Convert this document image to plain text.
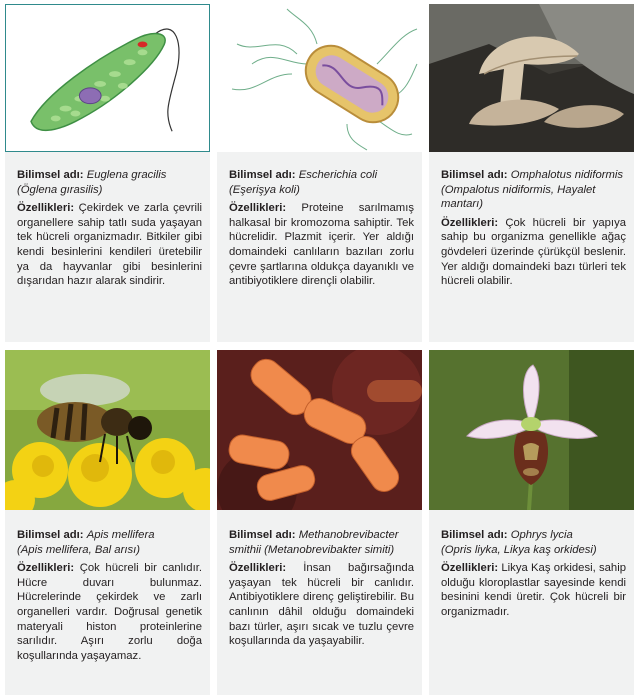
Bilimsel adı: Euglena gracilis
(Öglena gırasilis)

Özellikleri: Çekirdek ve zarla çevrili organellere sahip tatlı suda yaşayan tek hücreli organizmadır. Bitkiler gibi kendi besinlerini kendileri üretebilir ya da hayvanlar gibi besinlerini dışarıdan hazır alarak sindirir.

Bilimsel adı: Escherichia coli
(Eşerişya koli)

Özellikleri: Proteine sarılmamış halkasal bir kromozoma sahiptir. Tek hücrelidir. Plazmit içerir. Yer aldığı domaindeki canlıların bazıları zorlu çevre şartlarına oldukça dayanıklı ve antibiyotiklere dirençli olabilir.

Bilimsel adı: Omphalotus nidiformis (Ompalotus nidiformis, Hayalet mantarı)

Özellikleri: Çok hücreli bir yapıya sahip bu organizma genellikle ağaç gövdeleri üzerinde çürükçül beslenir. Yer aldığı domaindeki bazı türleri tek hücreli olabilir.

Bilimsel adı: Apis mellifera
(Apis mellifera, Bal arısı)

Özellikleri: Çok hücreli bir canlıdır. Hücre duvarı bulunmaz. Hücrelerinde çekirdek ve zarlı organelleri vardır. Doğrusal genetik materyali histon proteinlerine sarılıdır. Aşırı zorlu doğa koşullarında yaşayamaz.

Bilimsel adı: Methanobrevibacter smithii (Metanobrevibakter simiti)

Özellikleri: İnsan bağırsağında yaşayan tek hücreli bir canlıdır. Antibiyotiklere direnç geliştirebilir. Bu canlının dâhil olduğu domaindeki bazı türler, aşırı sıcak ve tuzlu çevre koşullarında da yaşayabilir.

Bilimsel adı: Ophrys lycia
(Opris liyka, Likya kaş orkidesi)

Özellikleri: Likya Kaş orkidesi, sahip olduğu kloroplastlar sayesinde kendi besinini kendi üretir. Çok hücreli bir organizmadır.
